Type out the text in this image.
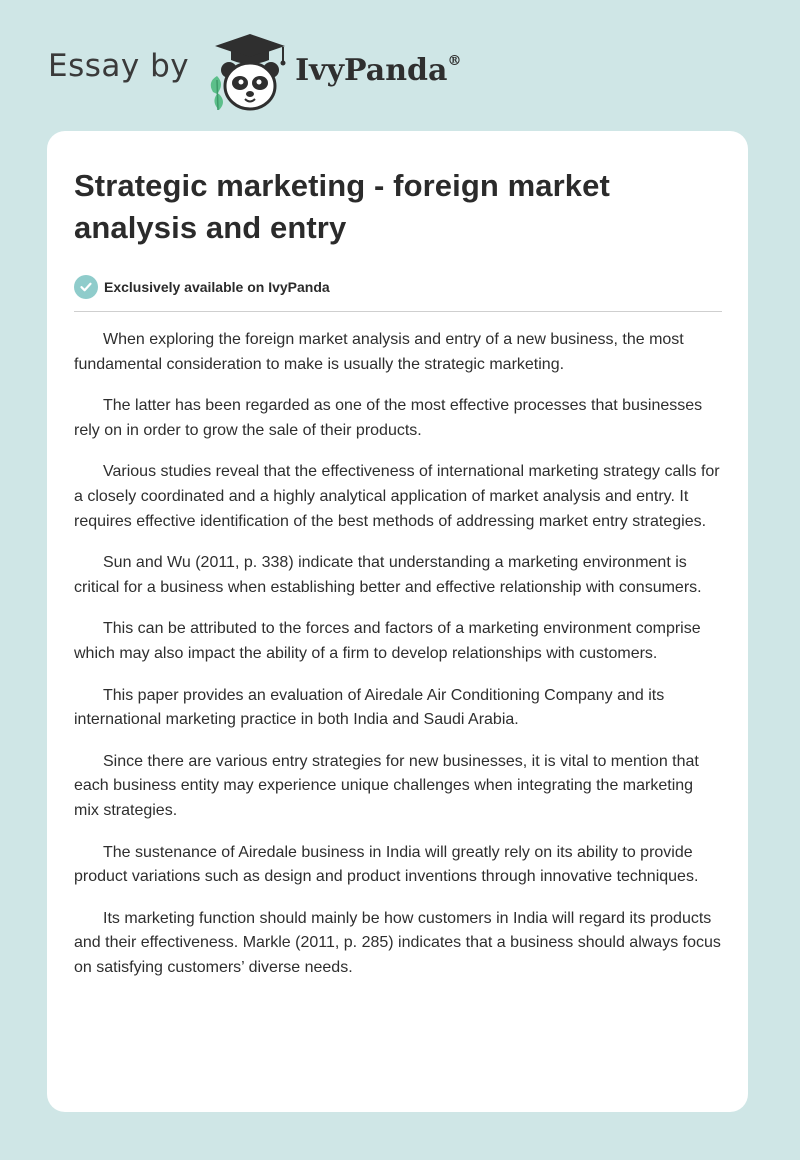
Essay by	IvyPanda®
Strategic marketing - foreign market analysis and entry
Exclusively available on IvyPanda

When exploring the foreign market analysis and entry of a new business, the most fundamental consideration to make is usually the strategic marketing.

The latter has been regarded as one of the most effective processes that businesses rely on in order to grow the sale of their products.

Various studies reveal that the effectiveness of international marketing strategy calls for a closely coordinated and a highly analytical application of market analysis and entry. It requires effective identification of the best methods of addressing market entry strategies.

Sun and Wu (2011, p. 338) indicate that understanding a marketing environment is critical for a business when establishing better and effective relationship with consumers.

This can be attributed to the forces and factors of a marketing environment comprise which may also impact the ability of a firm to develop relationships with customers.

This paper provides an evaluation of Airedale Air Conditioning Company and its international marketing practice in both India and Saudi Arabia.

Since there are various entry strategies for new businesses, it is vital to mention that each business entity may experience unique challenges when integrating the marketing mix strategies.

The sustenance of Airedale business in India will greatly rely on its ability to provide product variations such as design and product inventions through innovative techniques.

Its marketing function should mainly be how customers in India will regard its products and their effectiveness. Markle (2011, p. 285) indicates that a business should always focus on satisfying customers’ diverse needs.
